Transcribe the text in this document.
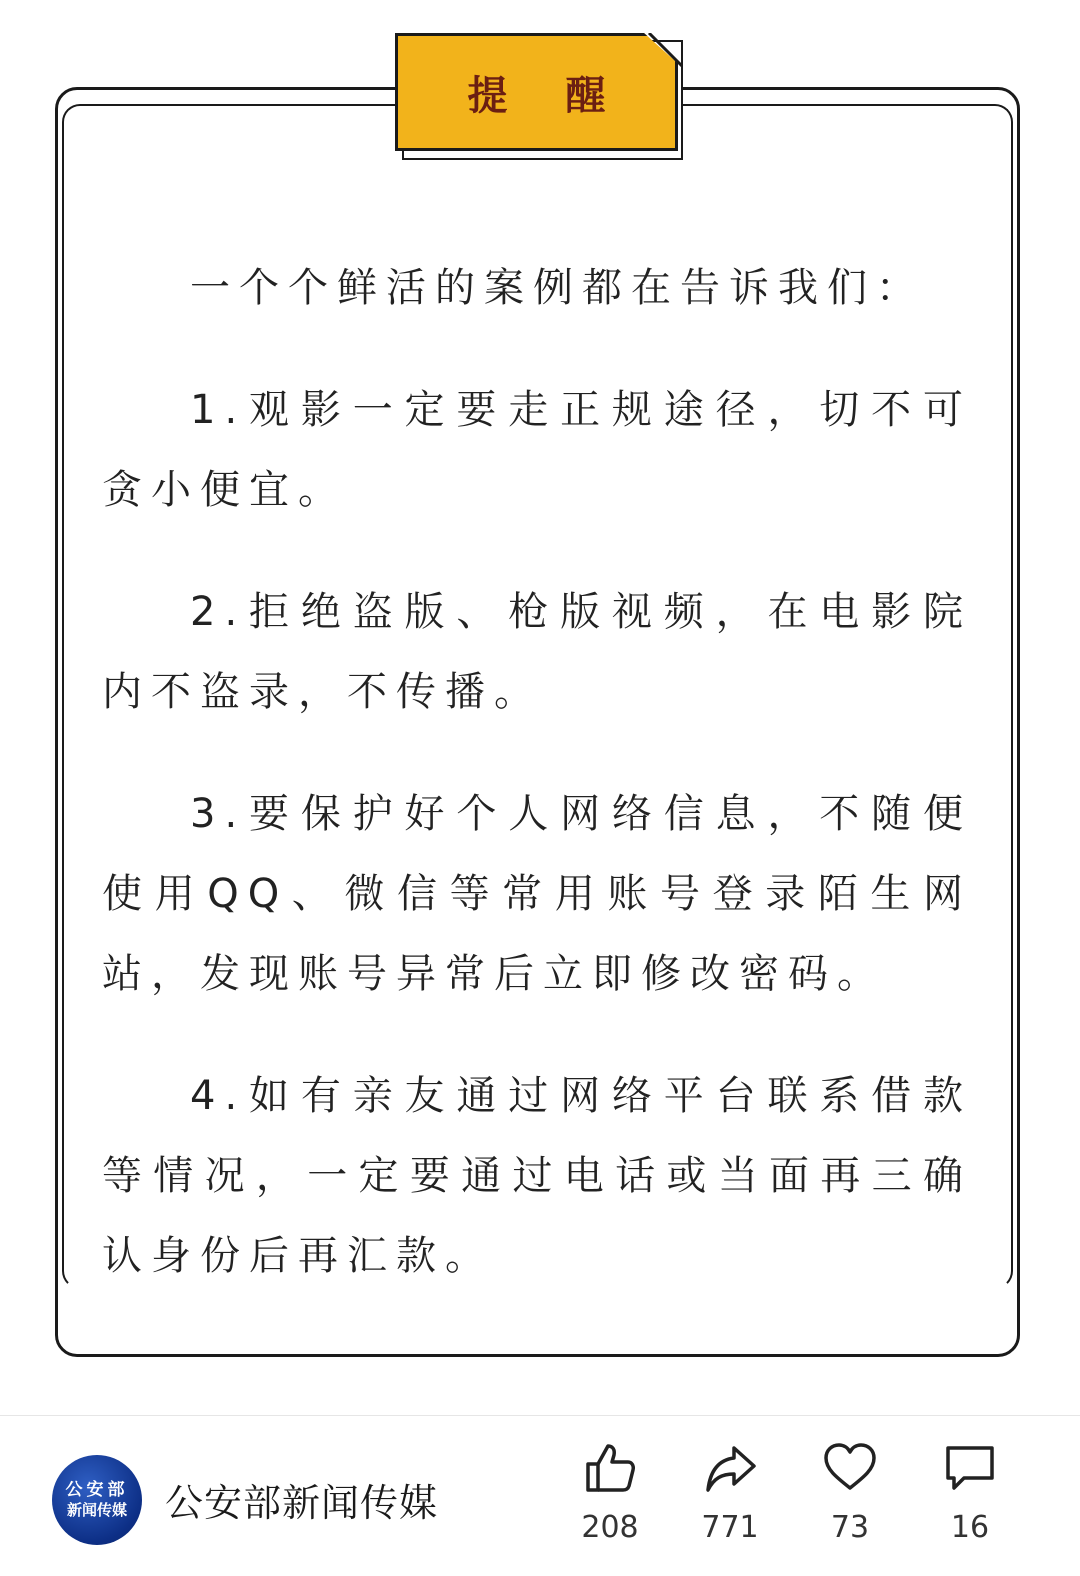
提 醒

一个个鲜活的案例都在告诉我们：

1.观影一定要走正规途径，切不可贪小便宜。

2.拒绝盗版、枪版视频，在电影院内不盗录，不传播。

3.要保护好个人网络信息，不随便使用QQ、微信等常用账号登录陌生网站，发现账号异常后立即修改密码。

4.如有亲友通过网络平台联系借款等情况，一定要通过电话或当面再三确认身份后再汇款。

公安部
新闻传媒 公安部新闻传媒
208	771	73	16
